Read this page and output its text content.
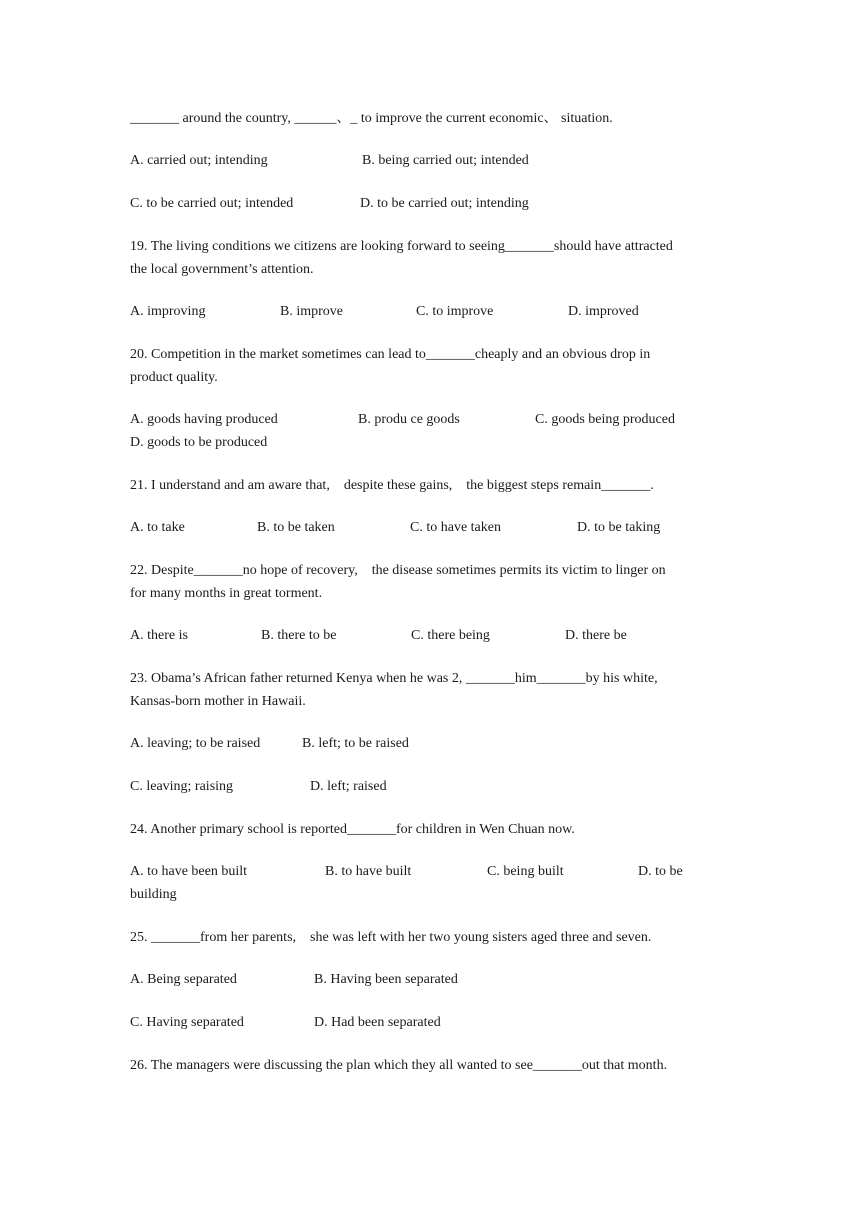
_______ around the country, ______、_ to improve the current economic、 situation.
A. carried out; intending	B. being carried out; intended
C. to be carried out; intended	D. to be carried out; intending
19. The living conditions we citizens are looking forward to seeing_______should have attracted
the local government’s attention.
A. improving	B. improve	C. to improve	D. improved
20. Competition in the market sometimes can lead to_______cheaply and an obvious drop in
product quality.
A. goods having produced	B. produ ce goods	C. goods being produced
D. goods to be produced
21. I understand and am aware that,    despite these gains,    the biggest steps remain_______.
A. to take	B. to be taken	C. to have taken	D. to be taking
22. Despite_______no hope of recovery,    the disease sometimes permits its victim to linger on
for many months in great torment.
A. there is	B. there to be	C. there being	D. there be
23. Obama’s African father returned Kenya when he was 2, _______him_______by his white,
Kansas-born mother in Hawaii.
A. leaving; to be raised	B. left; to be raised
C. leaving; raising	D. left; raised
24. Another primary school is reported_______for children in Wen Chuan now.
A. to have been built	B. to have built	C. being built	D. to be
building
25. _______from her parents,    she was left with her two young sisters aged three and seven.
A. Being separated	B. Having been separated
C. Having separated	D. Had been separated
26. The managers were discussing the plan which they all wanted to see_______out that month.
